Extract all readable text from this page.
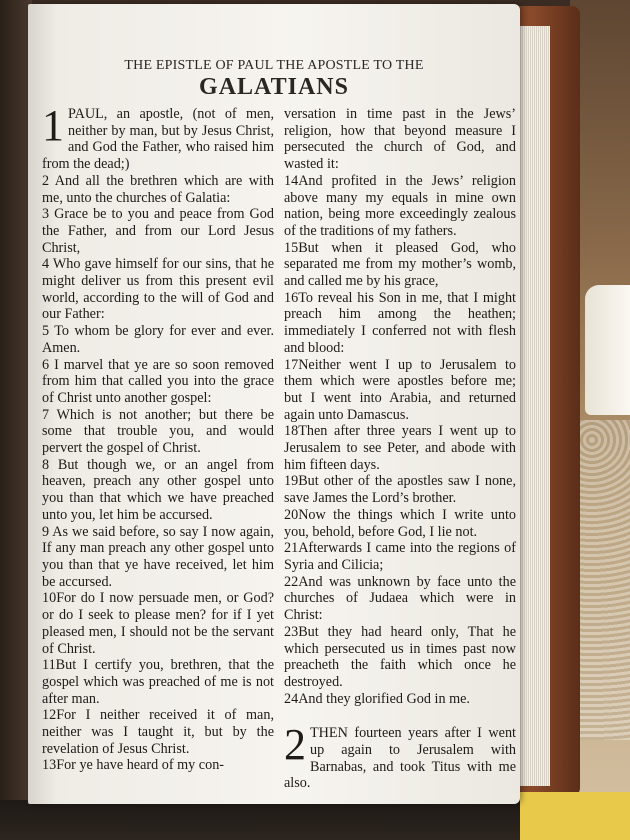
THE EPISTLE OF PAUL THE APOSTLE TO THE
GALATIANS

1 PAUL, an apostle, (not of men, neither by man, but by Jesus Christ, and God the Father, who raised him from the dead;)

2 And all the brethren which are with me, unto the churches of Galatia:

3 Grace be to you and peace from God the Father, and from our Lord Jesus Christ,

4 Who gave himself for our sins, that he might deliver us from this present evil world, according to the will of God and our Father:

5 To whom be glory for ever and ever. Amen.

6 I marvel that ye are so soon removed from him that called you into the grace of Christ unto another gospel:

7 Which is not another; but there be some that trouble you, and would pervert the gospel of Christ.

8 But though we, or an angel from heaven, preach any other gospel unto you than that which we have preached unto you, let him be accursed.

9 As we said before, so say I now again, If any man preach any other gospel unto you than that ye have received, let him be accursed.

10For do I now persuade men, or God? or do I seek to please men? for if I yet pleased men, I should not be the servant of Christ.

11But I certify you, brethren, that the gospel which was preached of me is not after man.

12For I neither received it of man, neither was I taught it, but by the revelation of Jesus Christ.

13For ye have heard of my con-

versation in time past in the Jews’ religion, how that beyond measure I persecuted the church of God, and wasted it:

14And profited in the Jews’ religion above many my equals in mine own nation, being more exceedingly zealous of the traditions of my fathers.

15But when it pleased God, who separated me from my mother’s womb, and called me by his grace,

16To reveal his Son in me, that I might preach him among the heathen; immediately I conferred not with flesh and blood:

17Neither went I up to Jerusalem to them which were apostles before me; but I went into Arabia, and returned again unto Damascus.

18Then after three years I went up to Jerusalem to see Peter, and abode with him fifteen days.

19But other of the apostles saw I none, save James the Lord’s brother.

20Now the things which I write unto you, behold, before God, I lie not.

21Afterwards I came into the regions of Syria and Cilicia;

22And was unknown by face unto the churches of Judaea which were in Christ:

23But they had heard only, That he which persecuted us in times past now preacheth the faith which once he destroyed.

24And they glorified God in me.

2 THEN fourteen years after I went up again to Jerusalem with Barnabas, and took Titus with me also.
